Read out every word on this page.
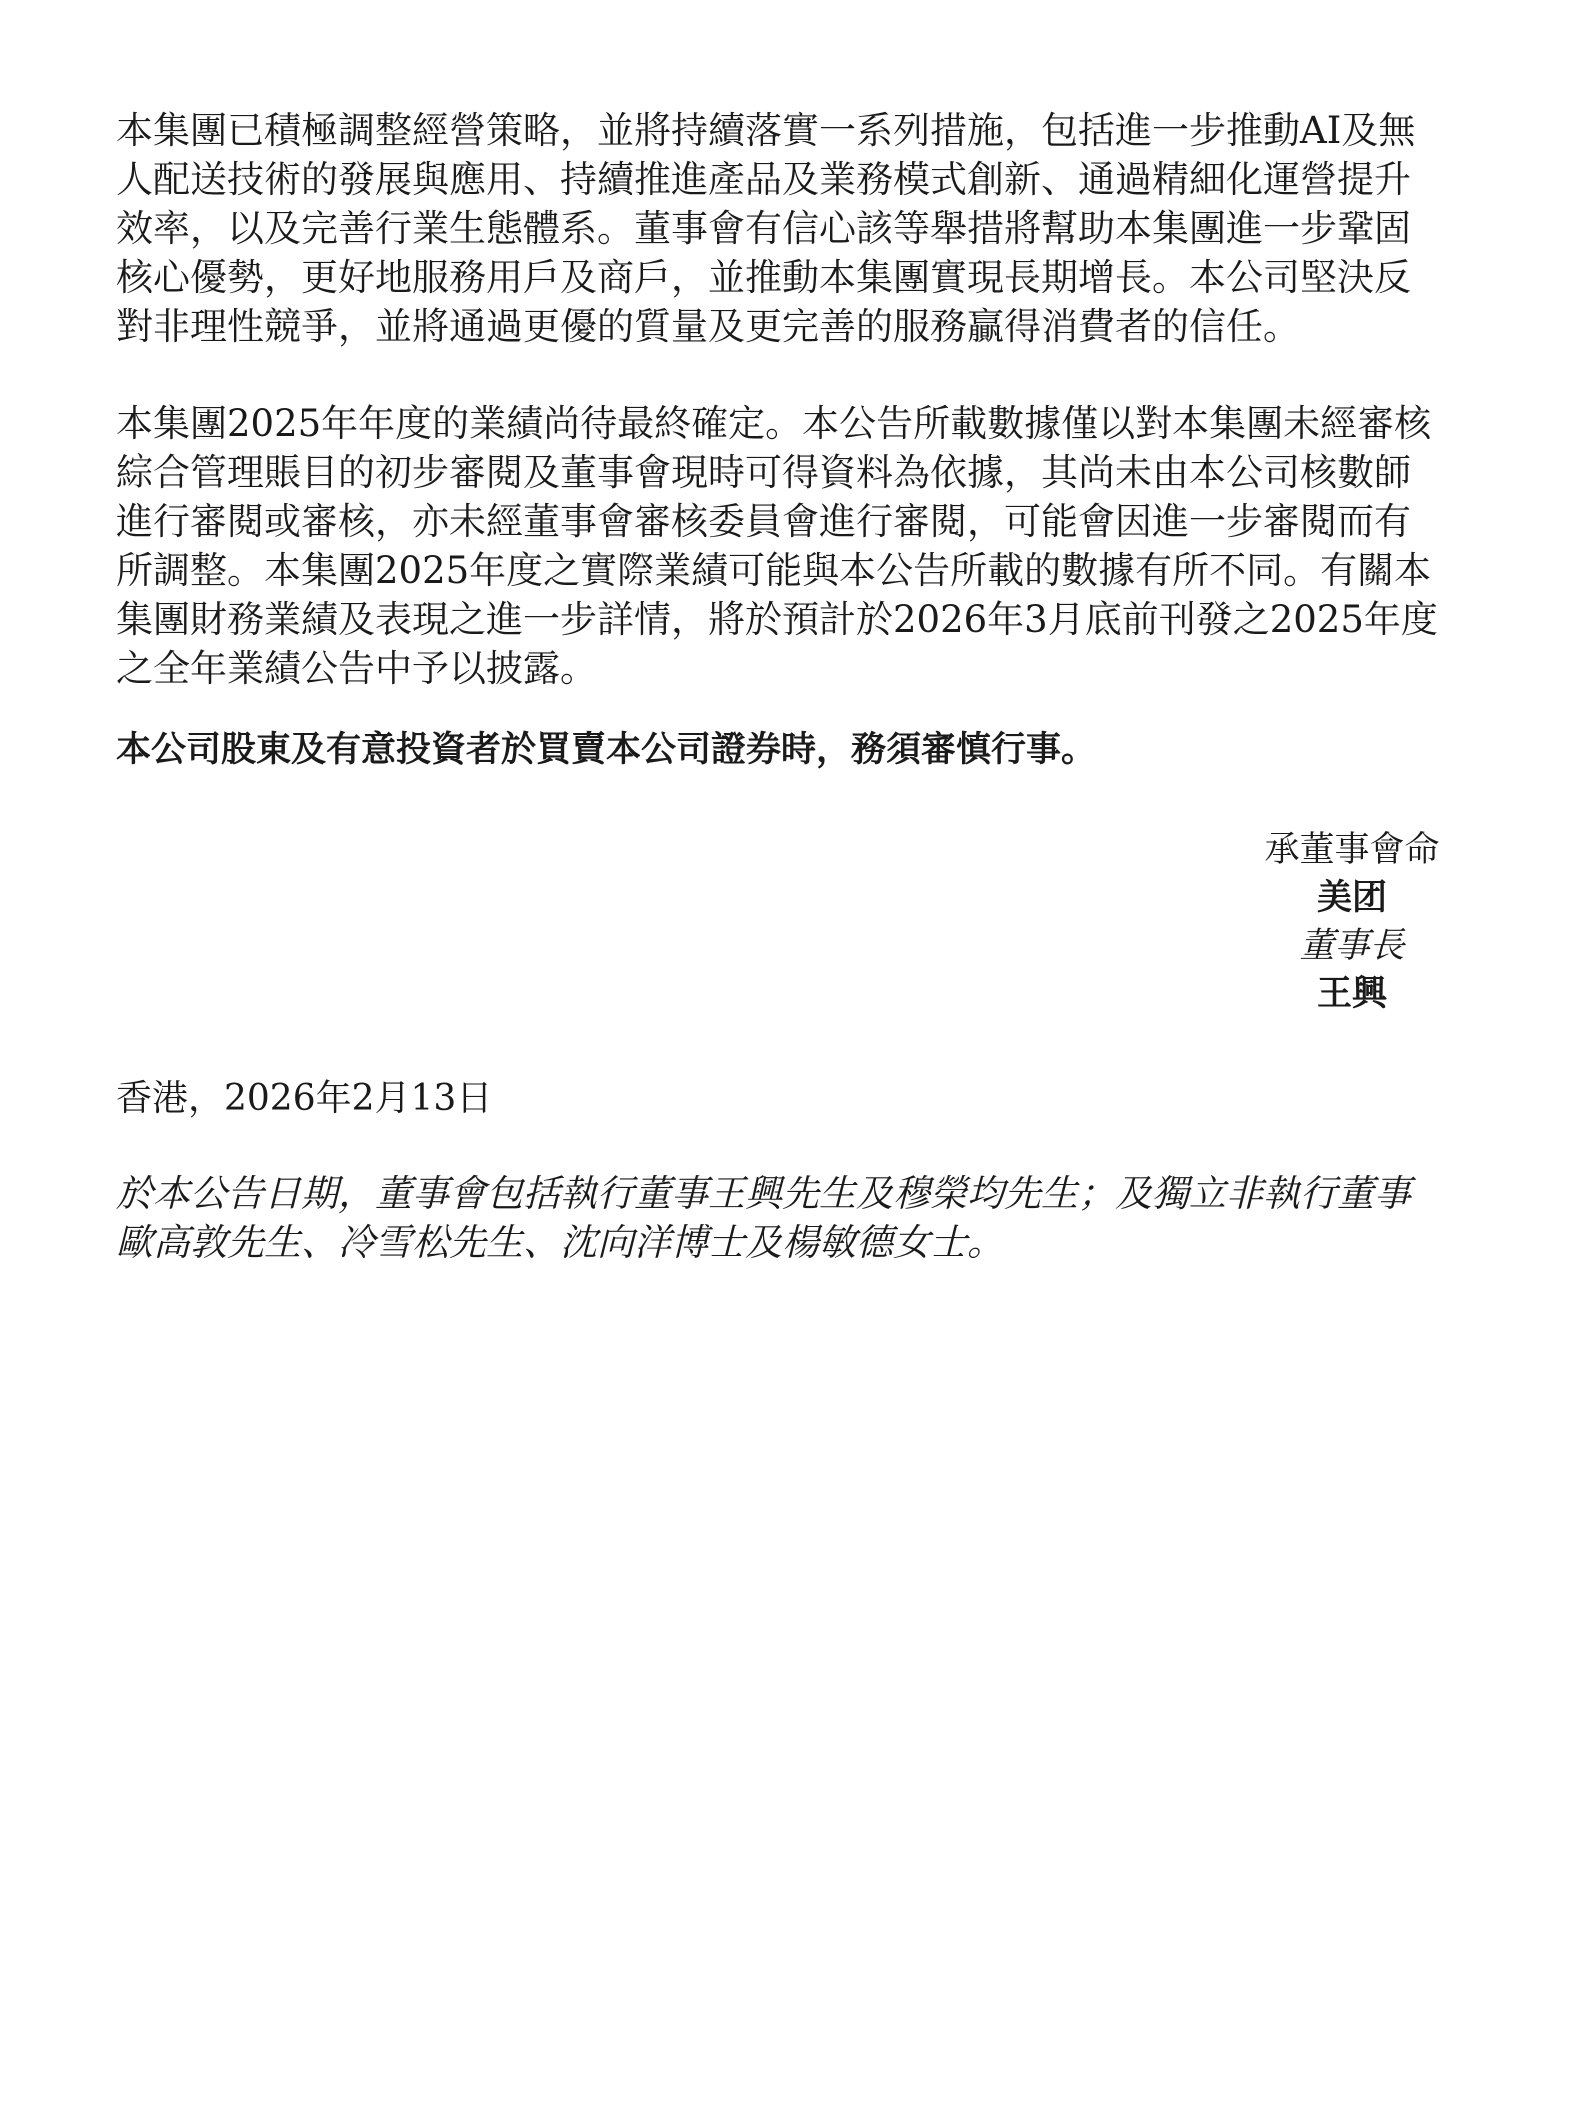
本集團已積極調整經營策略，並將持續落實一系列措施，包括進一步推動AI及無
人配送技術的發展與應用、持續推進產品及業務模式創新、通過精細化運營提升
效率，以及完善行業生態體系。董事會有信心該等舉措將幫助本集團進一步鞏固
核心優勢，更好地服務用戶及商戶，並推動本集團實現長期增長。本公司堅決反
對非理性競爭，並將通過更優的質量及更完善的服務贏得消費者的信任。

本集團2025年年度的業績尚待最終確定。本公告所載數據僅以對本集團未經審核
綜合管理賬目的初步審閱及董事會現時可得資料為依據，其尚未由本公司核數師
進行審閱或審核，亦未經董事會審核委員會進行審閱，可能會因進一步審閱而有
所調整。本集團2025年度之實際業績可能與本公告所載的數據有所不同。有關本
集團財務業績及表現之進一步詳情，將於預計於2026年3月底前刊發之2025年度
之全年業績公告中予以披露。

本公司股東及有意投資者於買賣本公司證券時，務須審慎行事。

承董事會命
美团
董事長
王興

香港，2026年2月13日

於本公告日期，董事會包括執行董事王興先生及穆榮均先生；及獨立非執行董事
歐高敦先生、冷雪松先生、沈向洋博士及楊敏德女士。
